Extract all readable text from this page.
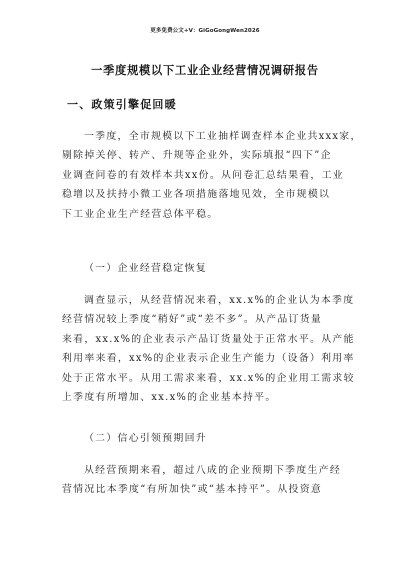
更多免费公文+V：GiGoGongWen2026
一季度规模以下工业企业经营情况调研报告
一、政策引擎促回暖
一季度，全市规模以下工业抽样调查样本企业共xxx家，
剔除掉关停、转产、升规等企业外，实际填报“四下”企
业调查问卷的有效样本共xx份。从问卷汇总结果看，工业
稳增以及扶持小微工业各项措施落地见效，全市规模以
下工业企业生产经营总体平稳。
（一）企业经营稳定恢复
调查显示，从经营情况来看，xx.x%的企业认为本季度
经营情况较上季度“稍好”或“差不多”。从产品订货量
来看，xx.x%的企业表示产品订货量处于正常水平。从产能
利用率来看，xx%的企业表示企业生产能力（设备）利用率
处于正常水平。从用工需求来看，xx.x%的企业用工需求较
上季度有所增加、xx.x%的企业基本持平。
（二）信心引领预期回升
从经营预期来看，超过八成的企业预期下季度生产经
营情况比本季度“有所加快”或“基本持平”。从投资意
